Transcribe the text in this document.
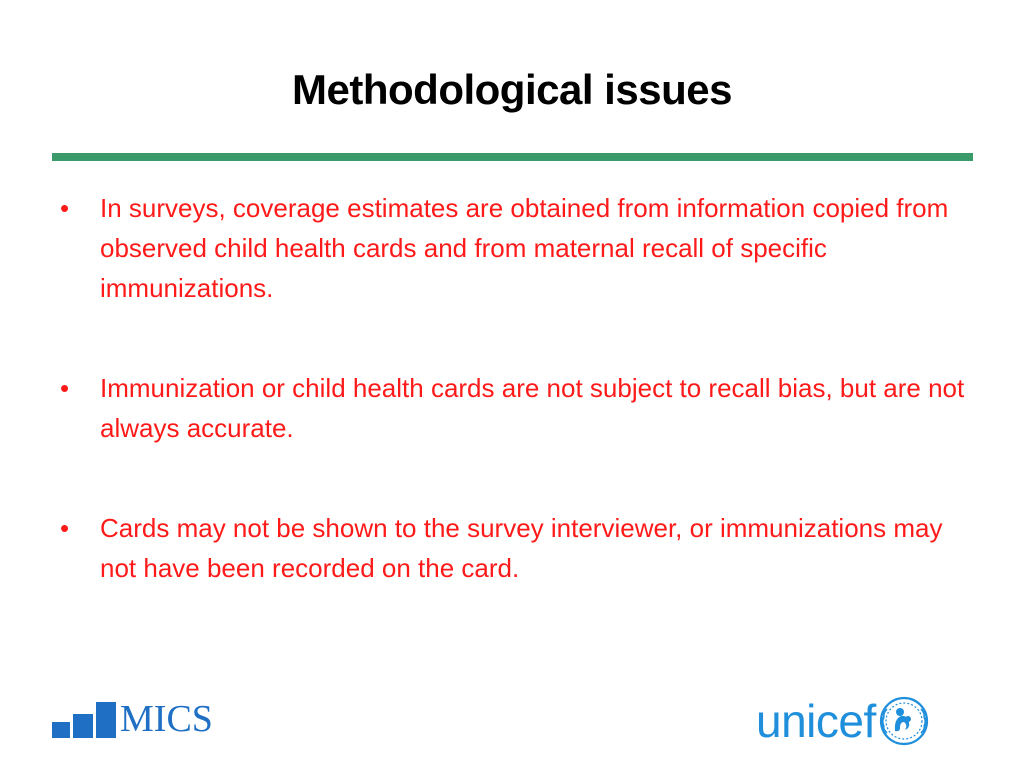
Methodological issues
• In surveys, coverage estimates are obtained from information copied from observed child health cards and from maternal recall of specific immunizations.
• Immunization or child health cards are not subject to recall bias, but are not always accurate.
• Cards may not be shown to the survey interviewer, or immunizations may not have been recorded on the card.
MICS	unicef
